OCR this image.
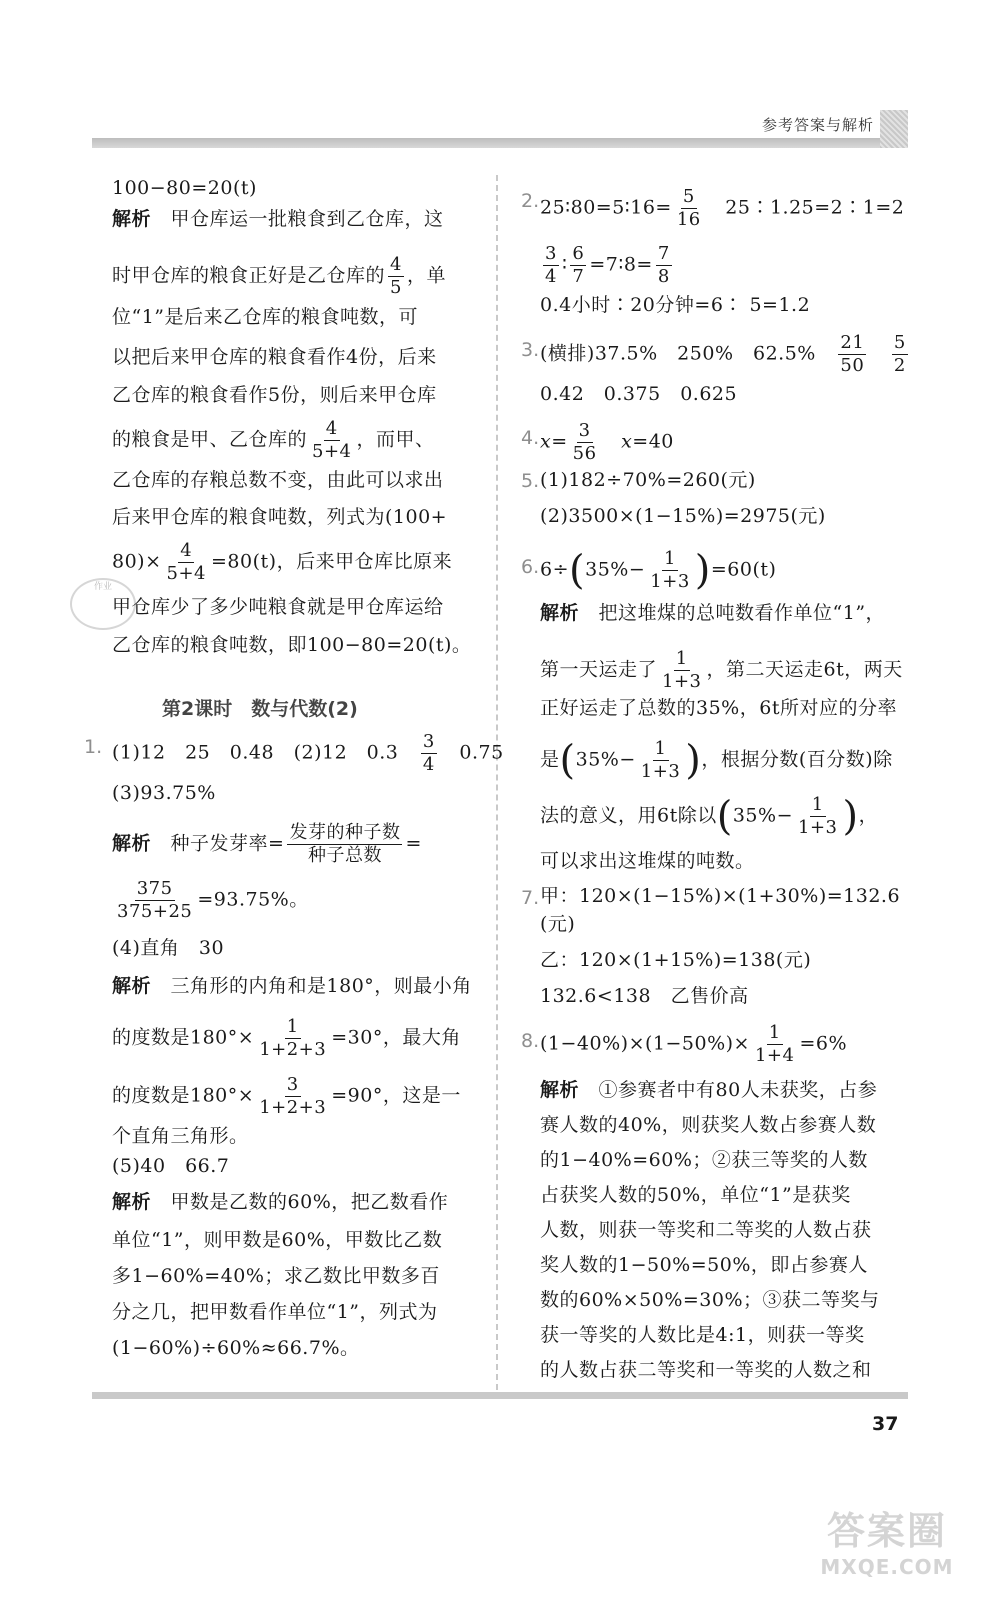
参考答案与解析
作业
100−80=20(t)
解析　 甲仓库运一批粮食到乙仓库，这
时甲仓库的粮食正好是乙仓库的 $\frac{4}{5}$ ，单
位“1”是后来乙仓库的粮食吨数，可
以把后来甲仓库的粮食看作4份，后来
乙仓库的粮食看作5份，则后来甲仓库
的粮食是甲、乙仓库的 $\frac{4}{5+4}$ ，而甲、
乙仓库的存粮总数不变，由此可以求出
后来甲仓库的粮食吨数，列式为(100+
$80)\times \frac{4}{5+4} =80(t)$，后来甲仓库比原来
甲仓库少了多少吨粮食就是甲仓库运给
乙仓库的粮食吨数，即100−80=20(t)。
第2课时　数与代数(2)
1. (1)12　25　0.48　(2)12　0.3　 $\frac{3}{4}$
　 0.75
(3)93.75%
解析　 种子发芽率= $\frac{\text{发芽的种子数}}{\text{种子总数}}$ =
$\frac{375}{375+25} =93.75\%$。
(4)直角　30
解析　 三角形的内角和是180°，则最小角
的度数是$180^\circ\times \frac{1}{1+2+3} =30^\circ$，最大角
的度数是$180^\circ\times \frac{3}{1+2+3} =90^\circ$，这是一
个直角三角形。
(5)40　66.7
解析　 甲数是乙数的60%，把乙数看作
单位“1”，则甲数是60%，甲数比乙数
多1−60%=40%；求乙数比甲数多百
分之几，把甲数看作单位“1”，列式为
(1−60%)÷60%≈66.7%。
2. 25∶80=5∶16= $\frac{5}{16}$
　 25∶1.25=2∶1=2
$\frac{3}{4}$ ∶ $\frac{6}{7}$ =7∶8= $\frac{7}{8}$
0.4小时∶20分钟=6∶ 5=1.2
3. (横排)37.5%　250%　62.5%　 $\frac{21}{50}$
　 $\frac{5}{2}$
0.42　0.375　0.625
4. $x= \frac{3}{56}$
　 x=40
5. (1)182÷70%=260(元)
(2)3500×(1−15%)=2975(元)
6. $6\div(35\%- \frac{1}{1+3} )=60(t)$
解析　 把这堆煤的总吨数看作单位“1”，
第一天运走了 $\frac{1}{1+3}$ ，第二天运走6t，两天
正好运走了总数的35%，6t所对应的分率
是($35\%- \frac{1}{1+3}$ )，根据分数(百分数)除
法的意义，用6t除以($35\%- \frac{1}{1+3}$ )，
可以求出这堆煤的吨数。
7. 甲：120×(1−15%)×(1+30%)=132.6
(元)
乙：120×(1+15%)=138(元)
132.6<138　乙售价高
8. $(1-40\%)\times(1-50\%)\times \frac{1}{1+4} =6\%$
解析　 ①参赛者中有80人未获奖，占参
赛人数的40%，则获奖人数占参赛人数
的1−40%=60%；②获三等奖的人数
占获奖人数的50%，单位“1”是获奖
人数，则获一等奖和二等奖的人数占获
奖人数的1−50%=50%，即占参赛人
数的60%×50%=30%；③获二等奖与
获一等奖的人数比是4:1，则获一等奖
的人数占获二等奖和一等奖的人数之和
37
答案圈
MXQE.COM
